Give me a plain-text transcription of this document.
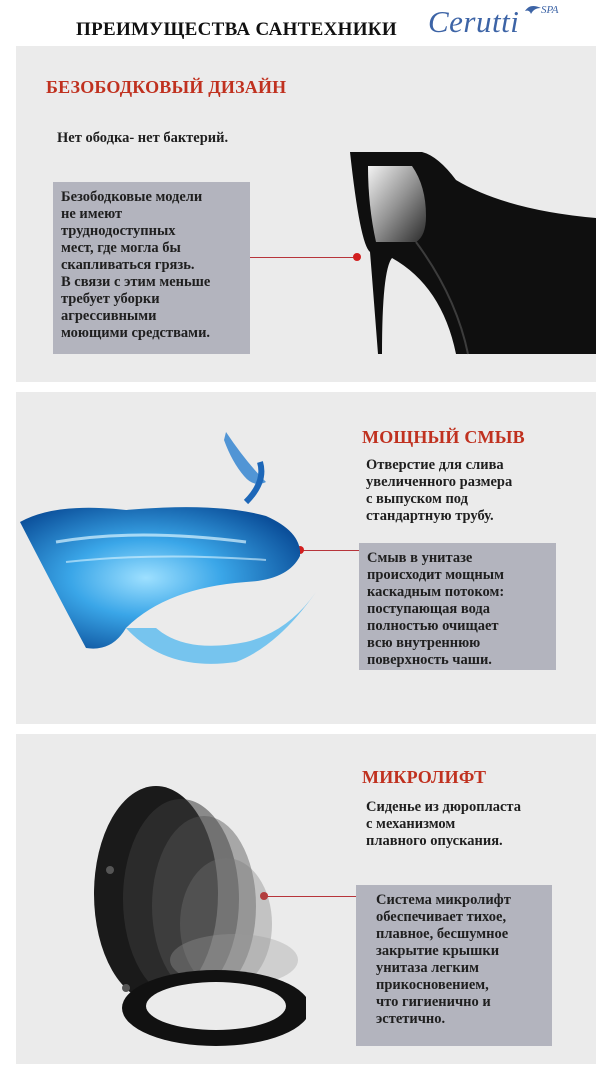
ПРЕИМУЩЕСТВА САНТЕХНИКИ Cerutti SPA
БЕЗОБОДКОВЫЙ ДИЗАЙН
Нет ободка- нет бактерий.
Безободковые модели
не имеют
труднодоступных
мест, где могла бы
скапливаться грязь.
В связи с этим меньше
требует уборки
агрессивными
моющими средствами.
МОЩНЫЙ СМЫВ
Отверстие для слива
увеличенного размера
с выпуском под
стандартную трубу.
Смыв в унитазе
происходит мощным
каскадным потоком:
поступающая вода
полностью очищает
всю внутреннюю
поверхность чаши.
МИКРОЛИФТ
Сиденье из дюропласта
с механизмом
плавного опускания.
Система микролифт
обеспечивает тихое,
плавное, бесшумное
закрытие крышки
унитаза легким
прикосновением,
что гигиенично и
эстетично.
